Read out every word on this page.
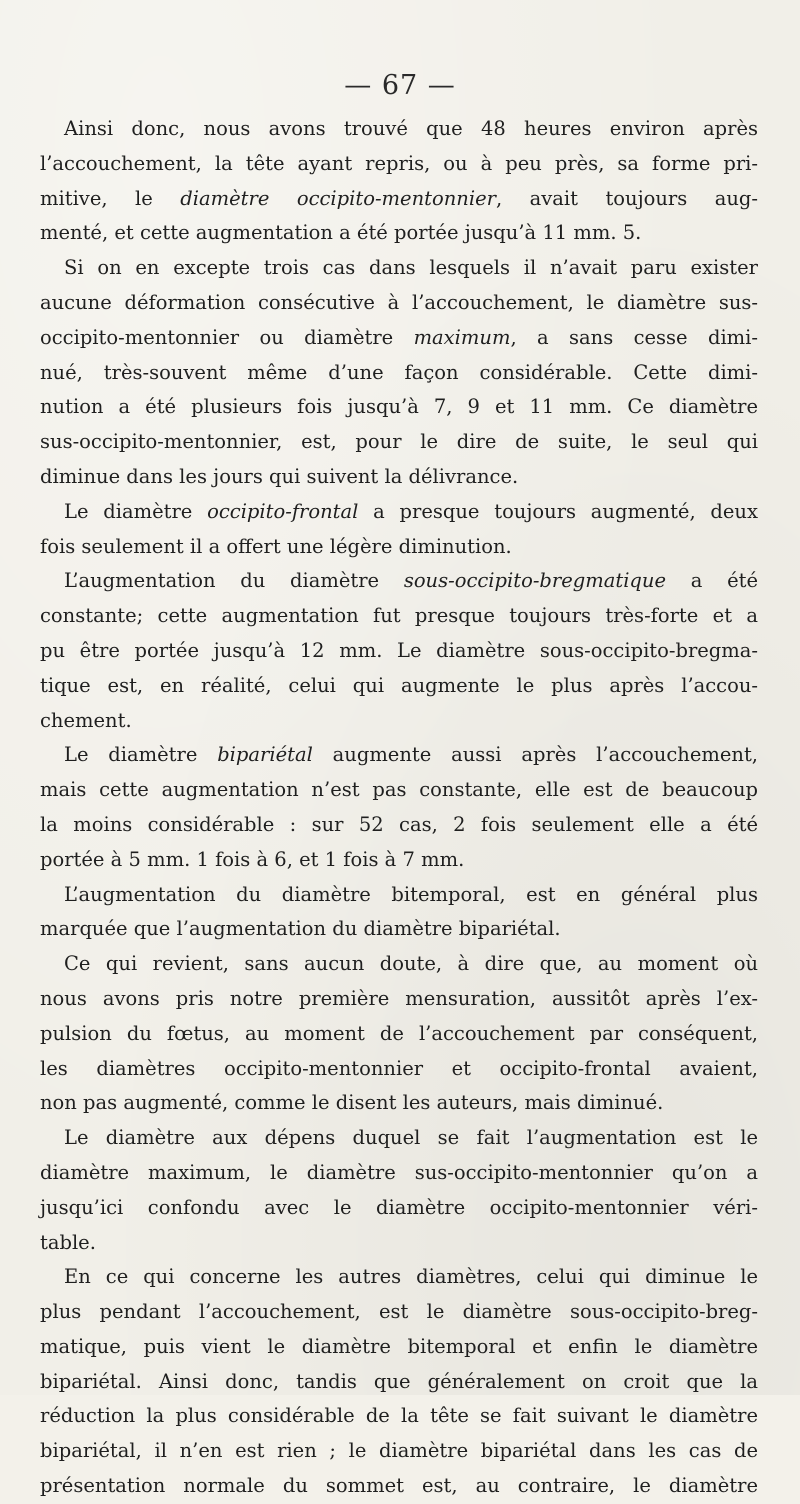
— 67 —
Ainsi donc, nous avons trouvé que 48 heures environ après
l’accouchement, la tête ayant repris, ou à peu près, sa forme pri-
mitive, le diamètre occipito-mentonnier, avait toujours aug-
menté, et cette augmentation a été portée jusqu’à 11 mm. 5.
Si on en excepte trois cas dans lesquels il n’avait paru exister
aucune déformation consécutive à l’accouchement, le diamètre sus-
occipito-mentonnier ou diamètre maximum, a sans cesse dimi-
nué, très-souvent même d’une façon considérable. Cette dimi-
nution a été plusieurs fois jusqu’à 7, 9 et 11 mm. Ce diamètre
sus-occipito-mentonnier, est, pour le dire de suite, le seul qui
diminue dans les jours qui suivent la délivrance.
Le diamètre occipito-frontal a presque toujours augmenté, deux
fois seulement il a offert une légère diminution.
L’augmentation du diamètre sous-occipito-bregmatique a été
constante; cette augmentation fut presque toujours très-forte et a
pu être portée jusqu’à 12 mm. Le diamètre sous-occipito-bregma-
tique est, en réalité, celui qui augmente le plus après l’accou-
chement.
Le diamètre bipariétal augmente aussi après l’accouchement,
mais cette augmentation n’est pas constante, elle est de beaucoup
la moins considérable : sur 52 cas, 2 fois seulement elle a été
portée à 5 mm. 1 fois à 6, et 1 fois à 7 mm.
L’augmentation du diamètre bitemporal, est en général plus
marquée que l’augmentation du diamètre bipariétal.
Ce qui revient, sans aucun doute, à dire que, au moment où
nous avons pris notre première mensuration, aussitôt après l’ex-
pulsion du fœtus, au moment de l’accouchement par conséquent,
les diamètres occipito-mentonnier et occipito-frontal avaient,
non pas augmenté, comme le disent les auteurs, mais diminué.
Le diamètre aux dépens duquel se fait l’augmentation est le
diamètre maximum, le diamètre sus-occipito-mentonnier qu’on a
jusqu’ici confondu avec le diamètre occipito-mentonnier véri-
table.
En ce qui concerne les autres diamètres, celui qui diminue le
plus pendant l’accouchement, est le diamètre sous-occipito-breg-
matique, puis vient le diamètre bitemporal et enfin le diamètre
bipariétal. Ainsi donc, tandis que généralement on croit que la
réduction la plus considérable de la tête se fait suivant le diamètre
bipariétal, il n’en est rien ; le diamètre bipariétal dans les cas de
présentation normale du sommet est, au contraire, le diamètre
